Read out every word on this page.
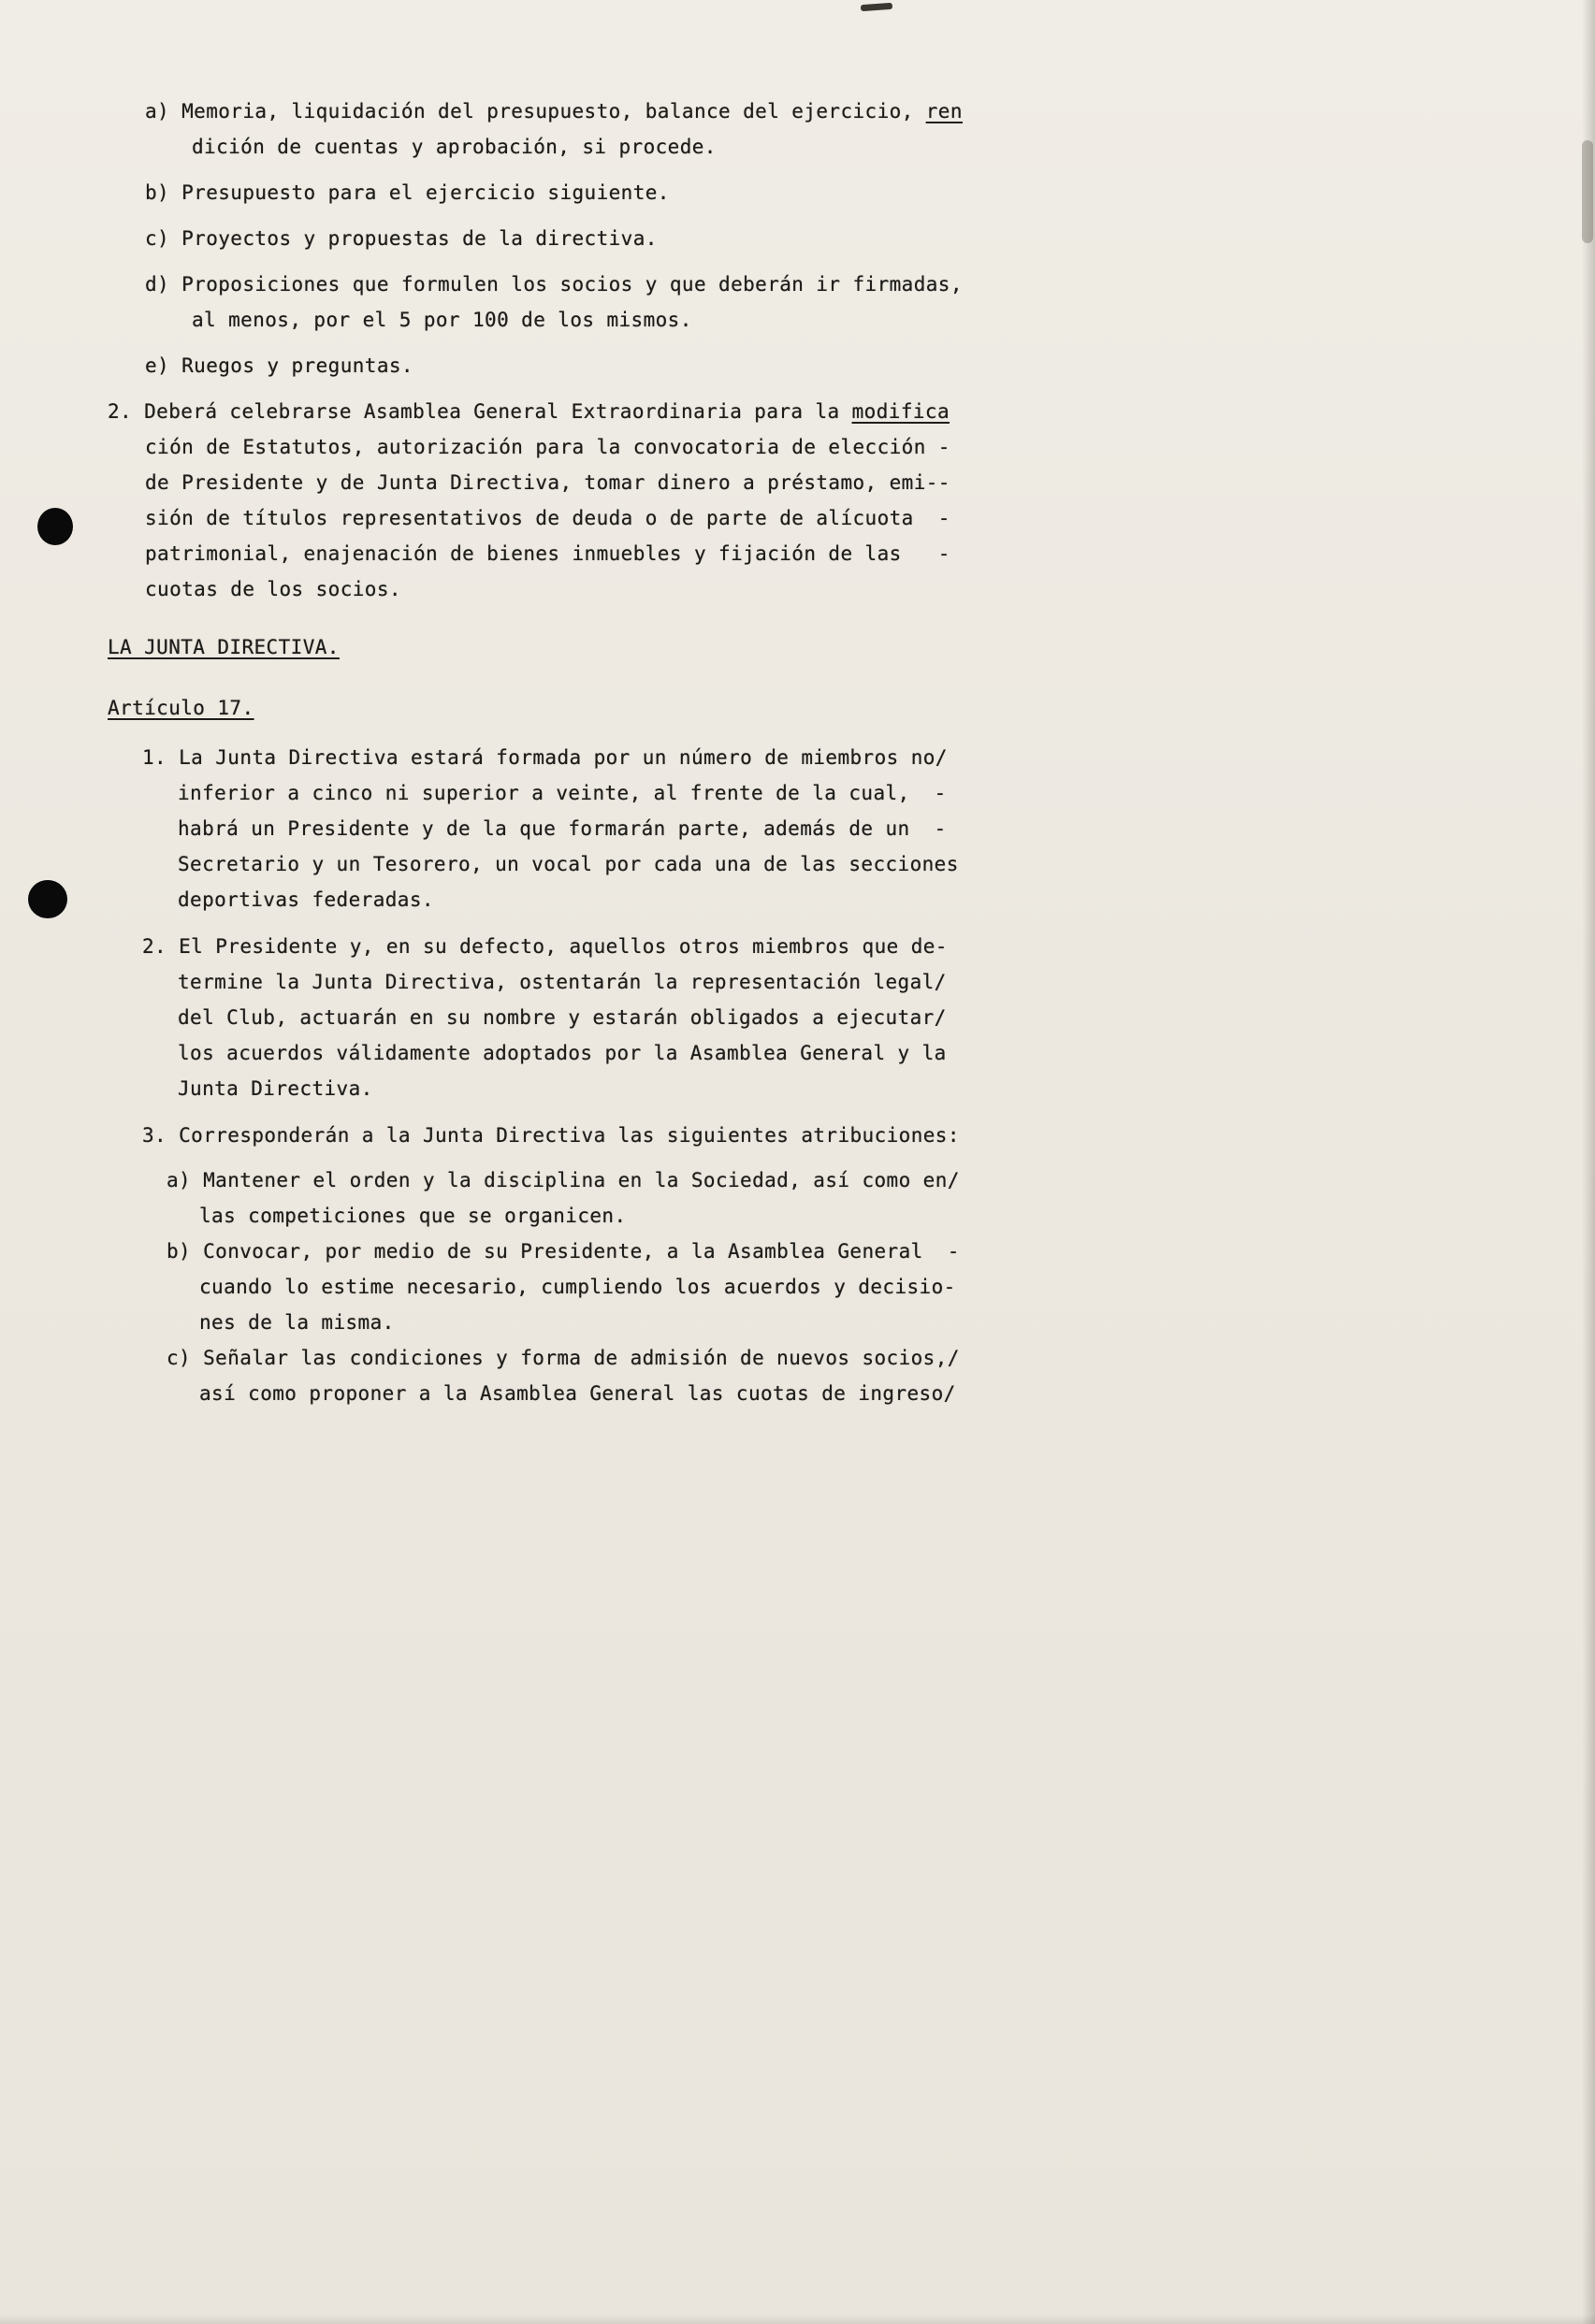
a) Memoria, liquidación del presupuesto, balance del ejercicio, ren
dición de cuentas y aprobación, si procede.
b) Presupuesto para el ejercicio siguiente.
c) Proyectos y propuestas de la directiva.
d) Proposiciones que formulen los socios y que deberán ir firmadas,
al menos, por el 5 por 100 de los mismos.
e) Ruegos y preguntas.
2. Deberá celebrarse Asamblea General Extraordinaria para la modifica
ción de Estatutos, autorización para la convocatoria de elección -
de Presidente y de Junta Directiva, tomar dinero a préstamo, emi--
sión de títulos representativos de deuda o de parte de alícuota  -
patrimonial, enajenación de bienes inmuebles y fijación de las   -
cuotas de los socios.
LA JUNTA DIRECTIVA.
Artículo 17.
1. La Junta Directiva estará formada por un número de miembros no/
inferior a cinco ni superior a veinte, al frente de la cual,  -
habrá un Presidente y de la que formarán parte, además de un  -
Secretario y un Tesorero, un vocal por cada una de las secciones
deportivas federadas.
2. El Presidente y, en su defecto, aquellos otros miembros que de-
termine la Junta Directiva, ostentarán la representación legal/
del Club, actuarán en su nombre y estarán obligados a ejecutar/
los acuerdos válidamente adoptados por la Asamblea General y la
Junta Directiva.
3. Corresponderán a la Junta Directiva las siguientes atribuciones:
a) Mantener el orden y la disciplina en la Sociedad, así como en/
las competiciones que se organicen.
b) Convocar, por medio de su Presidente, a la Asamblea General  -
cuando lo estime necesario, cumpliendo los acuerdos y decisio-
nes de la misma.
c) Señalar las condiciones y forma de admisión de nuevos socios,/
así como proponer a la Asamblea General las cuotas de ingreso/
